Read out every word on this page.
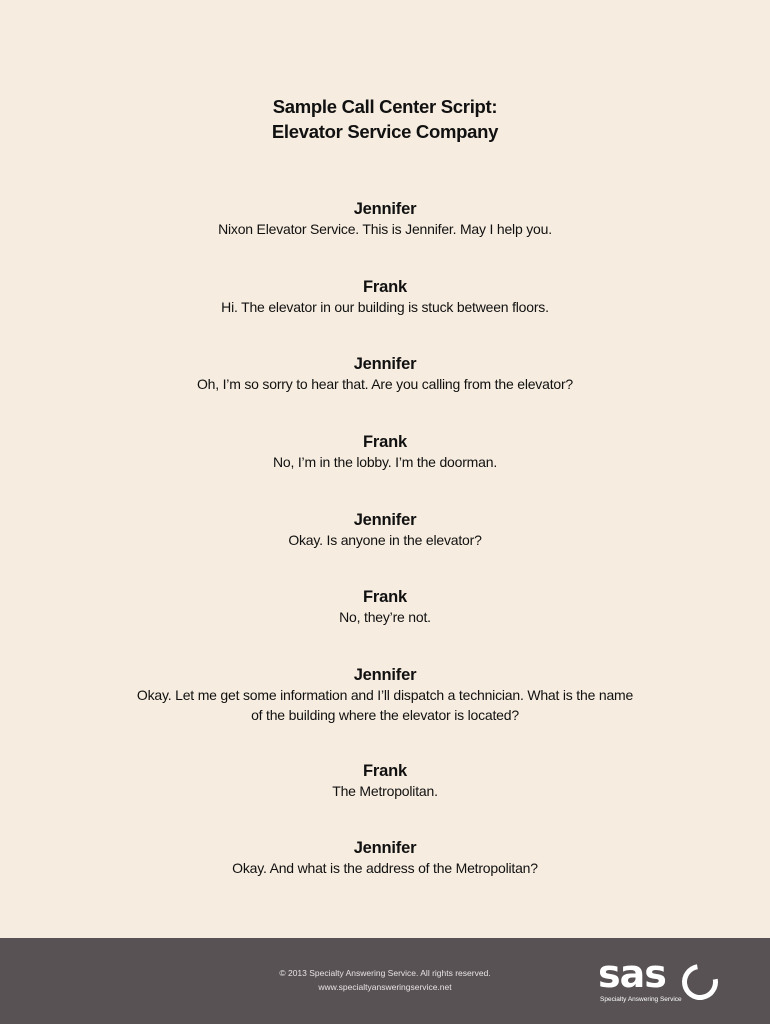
Sample Call Center Script:
Elevator Service Company
Jennifer
Nixon Elevator Service. This is Jennifer. May I help you.
Frank
Hi. The elevator in our building is stuck between floors.
Jennifer
Oh, I’m so sorry to hear that. Are you calling from the elevator?
Frank
No, I’m in the lobby. I’m the doorman.
Jennifer
Okay. Is anyone in the elevator?
Frank
No, they’re not.
Jennifer
Okay. Let me get some information and I’ll dispatch a technician. What is the name
of the building where the elevator is located?
Frank
The Metropolitan.
Jennifer
Okay. And what is the address of the Metropolitan?
© 2013 Specialty Answering Service. All rights reserved.
www.specialtyansweringservice.net	sas
Specialty Answering Service
